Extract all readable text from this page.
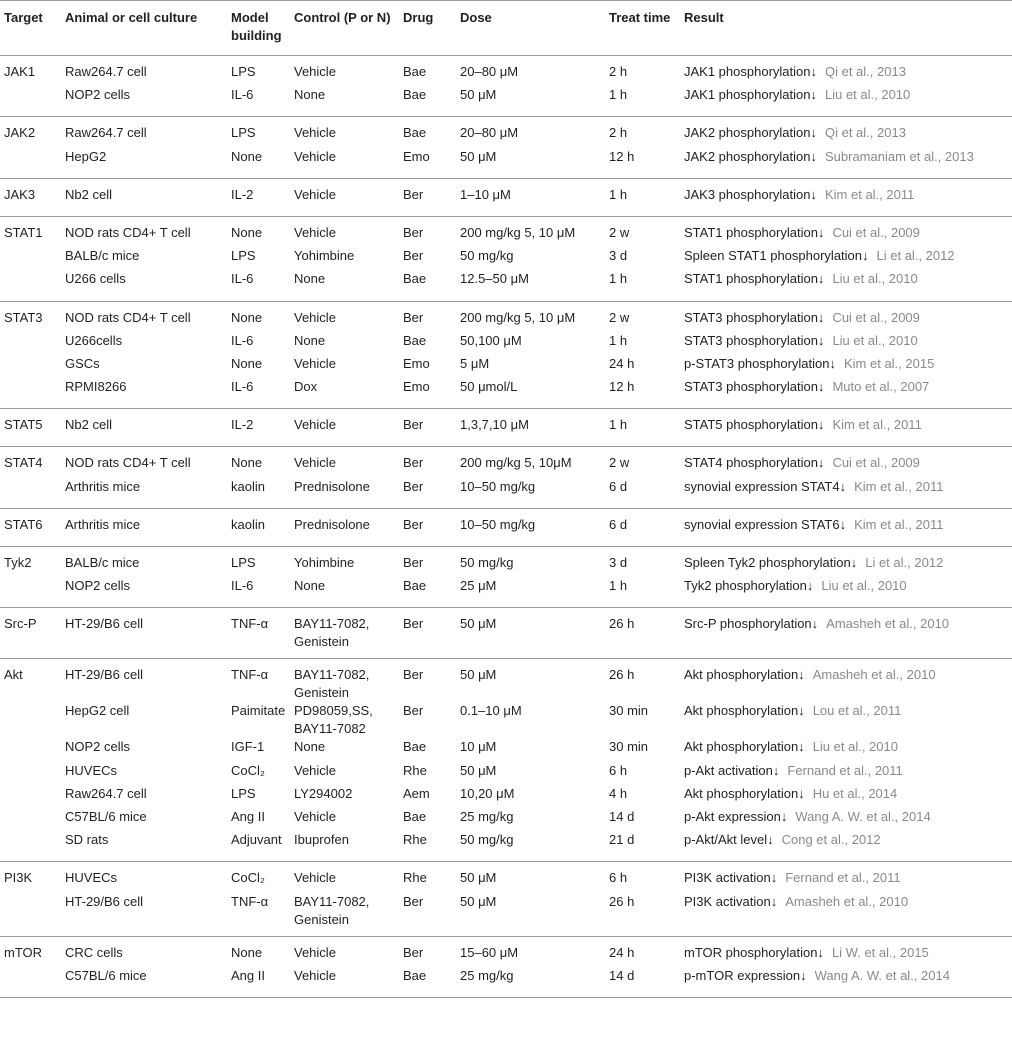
Target	Animal or cell culture	Model building	Control (P or N)	Drug	Dose	Treat time	Result
JAK1	Raw264.7 cell	LPS	Vehicle	Bae	20–80 μM	2 h	JAK1 phosphorylation↓ Qi et al., 2013
	NOP2 cells	IL-6	None	Bae	50 μM	1 h	JAK1 phosphorylation↓ Liu et al., 2010
JAK2	Raw264.7 cell	LPS	Vehicle	Bae	20–80 μM	2 h	JAK2 phosphorylation↓ Qi et al., 2013
	HepG2	None	Vehicle	Emo	50 μM	12 h	JAK2 phosphorylation↓ Subramaniam et al., 2013
JAK3	Nb2 cell	IL-2	Vehicle	Ber	1–10 μM	1 h	JAK3 phosphorylation↓ Kim et al., 2011
STAT1	NOD rats CD4+ T cell	None	Vehicle	Ber	200 mg/kg 5, 10 μM	2 w	STAT1 phosphorylation↓ Cui et al., 2009
	BALB/c mice	LPS	Yohimbine	Ber	50 mg/kg	3 d	Spleen STAT1 phosphorylation↓ Li et al., 2012
	U266 cells	IL-6	None	Bae	12.5–50 μM	1 h	STAT1 phosphorylation↓ Liu et al., 2010
STAT3	NOD rats CD4+ T cell	None	Vehicle	Ber	200 mg/kg 5, 10 μM	2 w	STAT3 phosphorylation↓ Cui et al., 2009
	U266cells	IL-6	None	Bae	50,100 μM	1 h	STAT3 phosphorylation↓ Liu et al., 2010
	GSCs	None	Vehicle	Emo	5 μM	24 h	p-STAT3 phosphorylation↓ Kim et al., 2015
	RPMI8266	IL-6	Dox	Emo	50 μmol/L	12 h	STAT3 phosphorylation↓ Muto et al., 2007
STAT5	Nb2 cell	IL-2	Vehicle	Ber	1,3,7,10 μM	1 h	STAT5 phosphorylation↓ Kim et al., 2011
STAT4	NOD rats CD4+ T cell	None	Vehicle	Ber	200 mg/kg 5, 10μM	2 w	STAT4 phosphorylation↓ Cui et al., 2009
	Arthritis mice	kaolin	Prednisolone	Ber	10–50 mg/kg	6 d	synovial expression STAT4↓ Kim et al., 2011
STAT6	Arthritis mice	kaolin	Prednisolone	Ber	10–50 mg/kg	6 d	synovial expression STAT6↓ Kim et al., 2011
Tyk2	BALB/c mice	LPS	Yohimbine	Ber	50 mg/kg	3 d	Spleen Tyk2 phosphorylation↓ Li et al., 2012
	NOP2 cells	IL-6	None	Bae	25 μM	1 h	Tyk2 phosphorylation↓ Liu et al., 2010
Src-P	HT-29/B6 cell	TNF-α	BAY11-7082, Genistein	Ber	50 μM	26 h	Src-P phosphorylation↓ Amasheh et al., 2010
Akt	HT-29/B6 cell	TNF-α	BAY11-7082, Genistein	Ber	50 μM	26 h	Akt phosphorylation↓ Amasheh et al., 2010
	HepG2 cell	Paimitate	PD98059,SS, BAY11-7082	Ber	0.1–10 μM	30 min	Akt phosphorylation↓ Lou et al., 2011
	NOP2 cells	IGF-1	None	Bae	10 μM	30 min	Akt phosphorylation↓ Liu et al., 2010
	HUVECs	CoCl₂	Vehicle	Rhe	50 μM	6 h	p-Akt activation↓ Fernand et al., 2011
	Raw264.7 cell	LPS	LY294002	Aem	10,20 μM	4 h	Akt phosphorylation↓ Hu et al., 2014
	C57BL/6 mice	Ang II	Vehicle	Bae	25 mg/kg	14 d	p-Akt expression↓ Wang A. W. et al., 2014
	SD rats	Adjuvant	Ibuprofen	Rhe	50 mg/kg	21 d	p-Akt/Akt level↓ Cong et al., 2012
PI3K	HUVECs	CoCl₂	Vehicle	Rhe	50 μM	6 h	PI3K activation↓ Fernand et al., 2011
	HT-29/B6 cell	TNF-α	BAY11-7082, Genistein	Ber	50 μM	26 h	PI3K activation↓ Amasheh et al., 2010
mTOR	CRC cells	None	Vehicle	Ber	15–60 μM	24 h	mTOR phosphorylation↓ Li W. et al., 2015
	C57BL/6 mice	Ang II	Vehicle	Bae	25 mg/kg	14 d	p-mTOR expression↓ Wang A. W. et al., 2014
